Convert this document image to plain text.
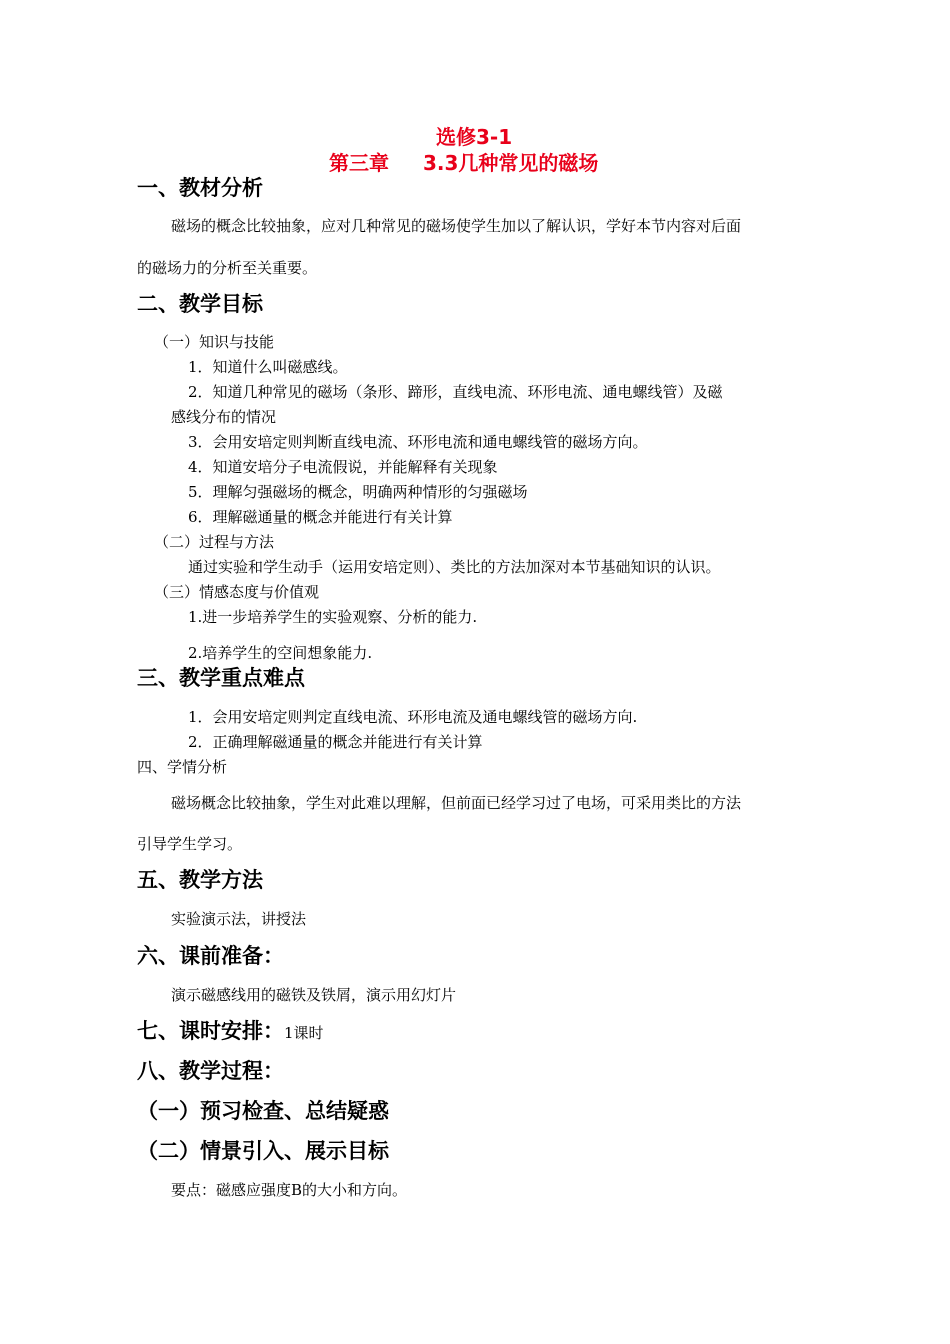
选修3-1
第三章 3.3几种常见的磁场
一、教材分析
磁场的概念比较抽象，应对几种常见的磁场使学生加以了解认识，学好本节内容对后面
的磁场力的分析至关重要。
二、教学目标
（一）知识与技能
1．知道什么叫磁感线。
2．知道几种常见的磁场（条形、蹄形，直线电流、环形电流、通电螺线管）及磁
感线分布的情况
3．会用安培定则判断直线电流、环形电流和通电螺线管的磁场方向。
4．知道安培分子电流假说，并能解释有关现象
5．理解匀强磁场的概念，明确两种情形的匀强磁场
6．理解磁通量的概念并能进行有关计算
（二）过程与方法
通过实验和学生动手（运用安培定则）、类比的方法加深对本节基础知识的认识。
（三）情感态度与价值观
1.进一步培养学生的实验观察、分析的能力.
2.培养学生的空间想象能力.
三、教学重点难点
1．会用安培定则判定直线电流、环形电流及通电螺线管的磁场方向.
2．正确理解磁通量的概念并能进行有关计算
四、学情分析
磁场概念比较抽象，学生对此难以理解，但前面已经学习过了电场，可采用类比的方法
引导学生学习。
五、教学方法
实验演示法，讲授法
六、课前准备：
演示磁感线用的磁铁及铁屑，演示用幻灯片
七、课时安排：1课时
八、教学过程：
（一）预习检查、总结疑惑
（二）情景引入、展示目标
要点：磁感应强度B的大小和方向。
